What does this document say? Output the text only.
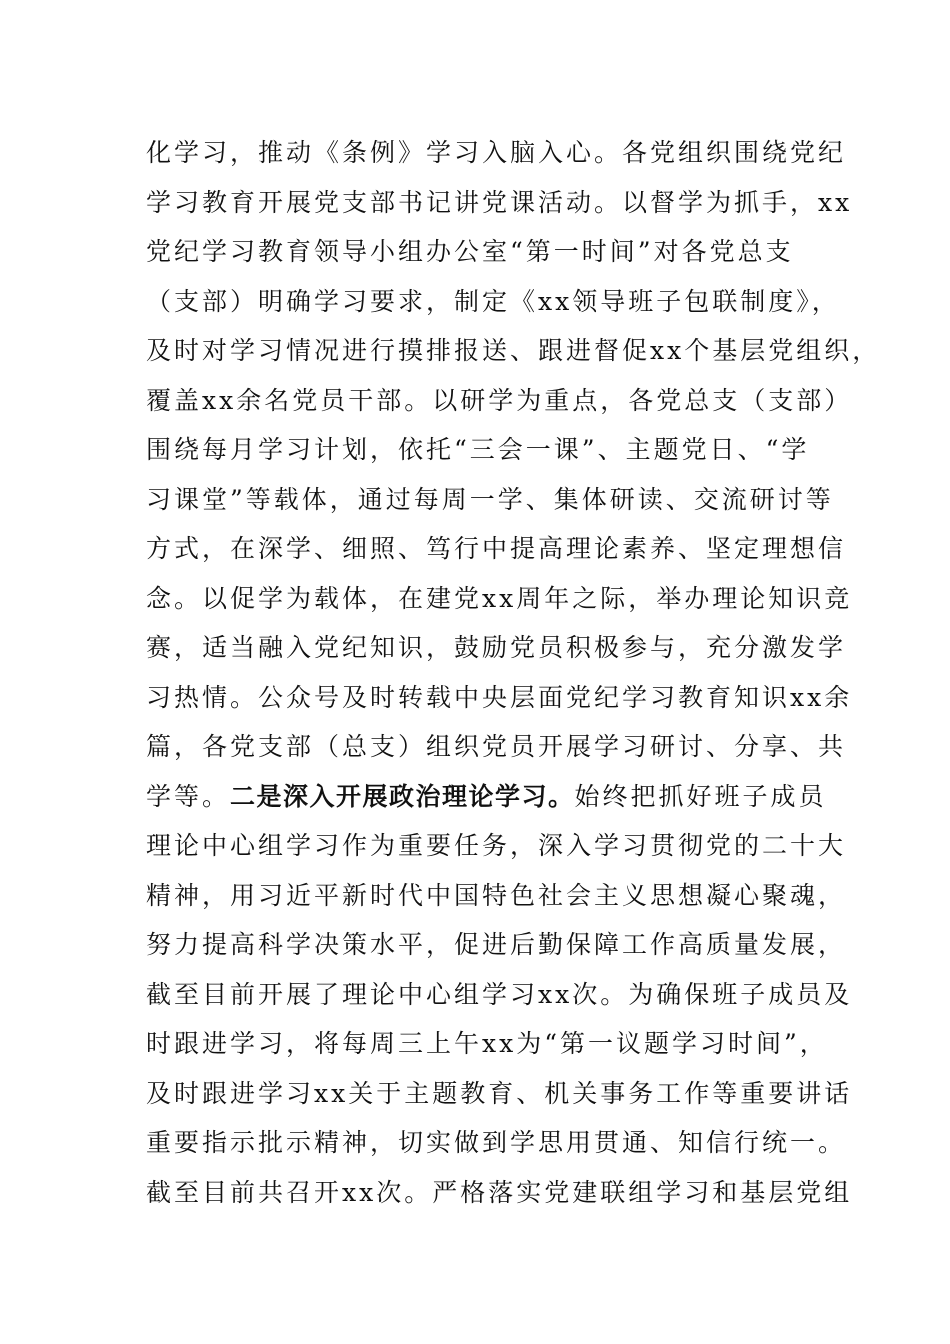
化学习，推动《条例》学习入脑入心。各党组织围绕党纪
学习教育开展党支部书记讲党课活动。以督学为抓手，xx
党纪学习教育领导小组办公室“第一时间”对各党总支
（支部）明确学习要求，制定《xx领导班子包联制度》，
及时对学习情况进行摸排报送、跟进督促xx个基层党组织，
覆盖xx余名党员干部。以研学为重点，各党总支（支部）
围绕每月学习计划，依托“三会一课”、主题党日、“学
习课堂”等载体，通过每周一学、集体研读、交流研讨等
方式，在深学、细照、笃行中提高理论素养、坚定理想信
念。以促学为载体，在建党xx周年之际，举办理论知识竞
赛，适当融入党纪知识，鼓励党员积极参与，充分激发学
习热情。公众号及时转载中央层面党纪学习教育知识xx余
篇，各党支部（总支）组织党员开展学习研讨、分享、共
学等。二是深入开展政治理论学习。始终把抓好班子成员
理论中心组学习作为重要任务，深入学习贯彻党的二十大
精神，用习近平新时代中国特色社会主义思想凝心聚魂，
努力提高科学决策水平，促进后勤保障工作高质量发展，
截至目前开展了理论中心组学习xx次。为确保班子成员及
时跟进学习，将每周三上午xx为“第一议题学习时间”，
及时跟进学习xx关于主题教育、机关事务工作等重要讲话
重要指示批示精神，切实做到学思用贯通、知信行统一。
截至目前共召开xx次。严格落实党建联组学习和基层党组
